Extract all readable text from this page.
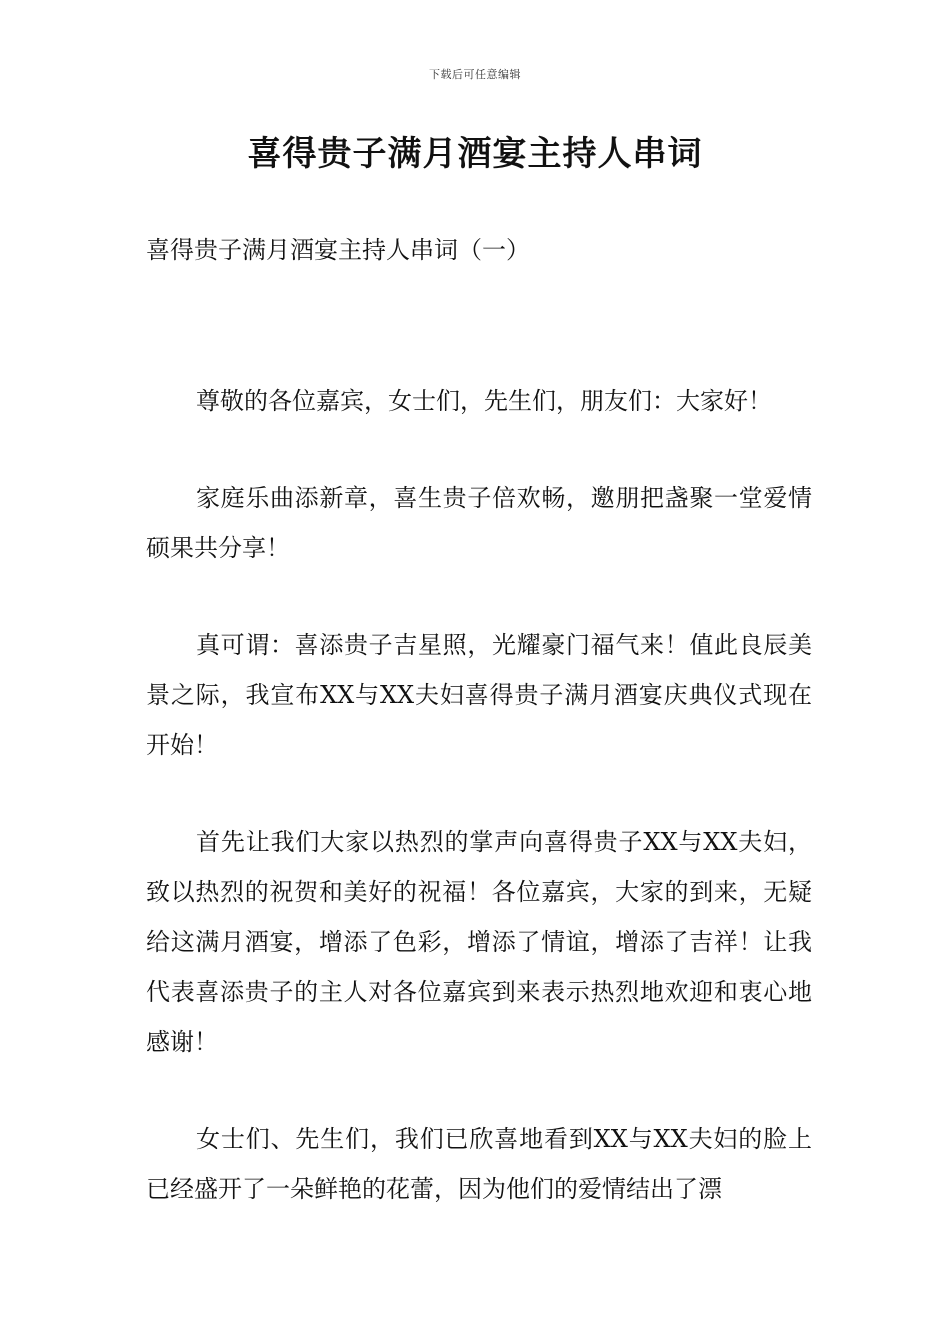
下载后可任意编辑
喜得贵子满月酒宴主持人串词
喜得贵子满月酒宴主持人串词（一）

尊敬的各位嘉宾，女士们，先生们，朋友们：大家好！

家庭乐曲添新章，喜生贵子倍欢畅，邀朋把盏聚一堂爱情硕果共分享！

真可谓：喜添贵子吉星照，光耀豪门福气来！值此良辰美景之际，我宣布XX与XX夫妇喜得贵子满月酒宴庆典仪式现在开始！

首先让我们大家以热烈的掌声向喜得贵子XX与XX夫妇，致以热烈的祝贺和美好的祝福！各位嘉宾，大家的到来，无疑给这满月酒宴，增添了色彩，增添了情谊，增添了吉祥！让我代表喜添贵子的主人对各位嘉宾到来表示热烈地欢迎和衷心地感谢！

女士们、先生们，我们已欣喜地看到XX与XX夫妇的脸上已经盛开了一朵鲜艳的花蕾，因为他们的爱情结出了漂
